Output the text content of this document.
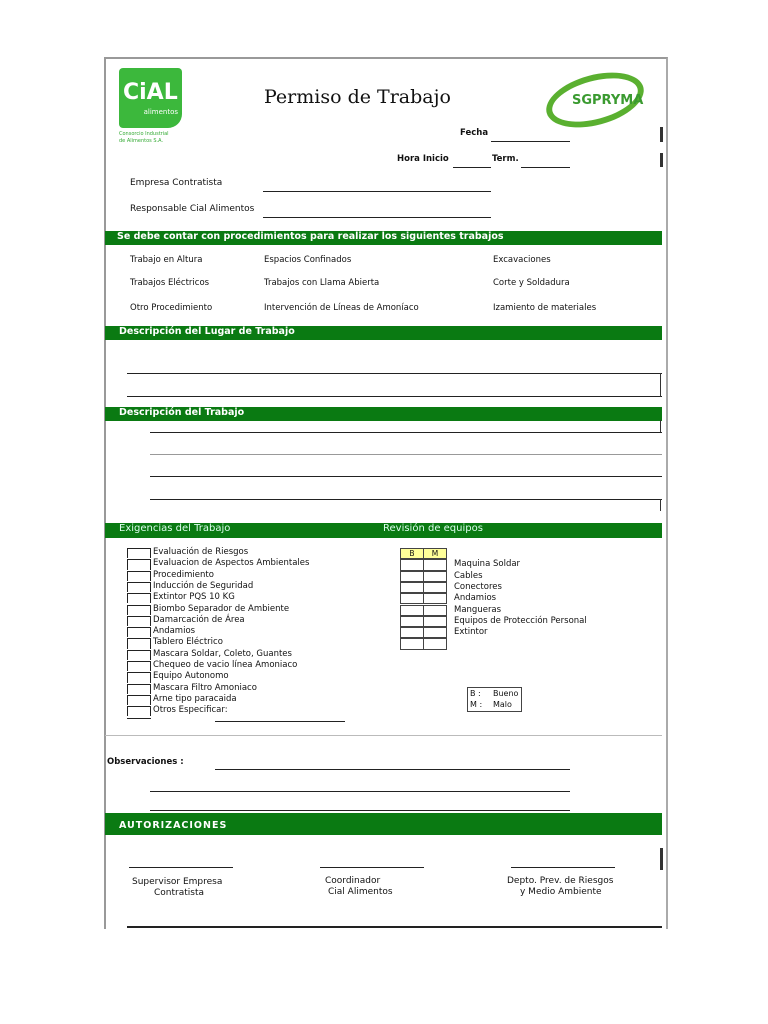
CiAL
alimentos
Consorcio Industrial
de Alimentos S.A.
Permiso de Trabajo	SGPRYMA
Fecha
Hora Inicio	Term.
Empresa Contratista
Responsable Cial Alimentos
Se debe contar con procedimientos para realizar los siguientes trabajos
Trabajo en Altura	Espacios Confinados	Excavaciones
Trabajos Eléctricos	Trabajos con Llama Abierta	Corte y Soldadura
Otro Procedimiento	Intervención de Líneas de Amoníaco	Izamiento de materiales
Descripción del Lugar de Trabajo
Descripción del Trabajo
Exigencias del Trabajo	Revisión de equipos
Evaluación de Riesgos
Evaluacion de Aspectos Ambientales
Procedimiento
Inducción de Seguridad
Extintor PQS 10 KG
Biombo Separador de Ambiente
Damarcación de Área
Andamios
Tablero Eléctrico
Mascara Soldar, Coleto, Guantes
Chequeo de vacio línea Amoniaco
Equipo Autonomo
Mascara Filtro Amoniaco
Arne tipo paracaida
Otros Especificar:
B	M
Maquina Soldar
Cables
Conectores
Andamios
Mangueras
Equipos de Protección Personal
Extintor
B : Bueno
M : Malo
Observaciones :
AUTORIZACIONES
Supervisor Empresa
Contratista
Coordinador
Cial Alimentos
Depto. Prev. de Riesgos
y Medio Ambiente
